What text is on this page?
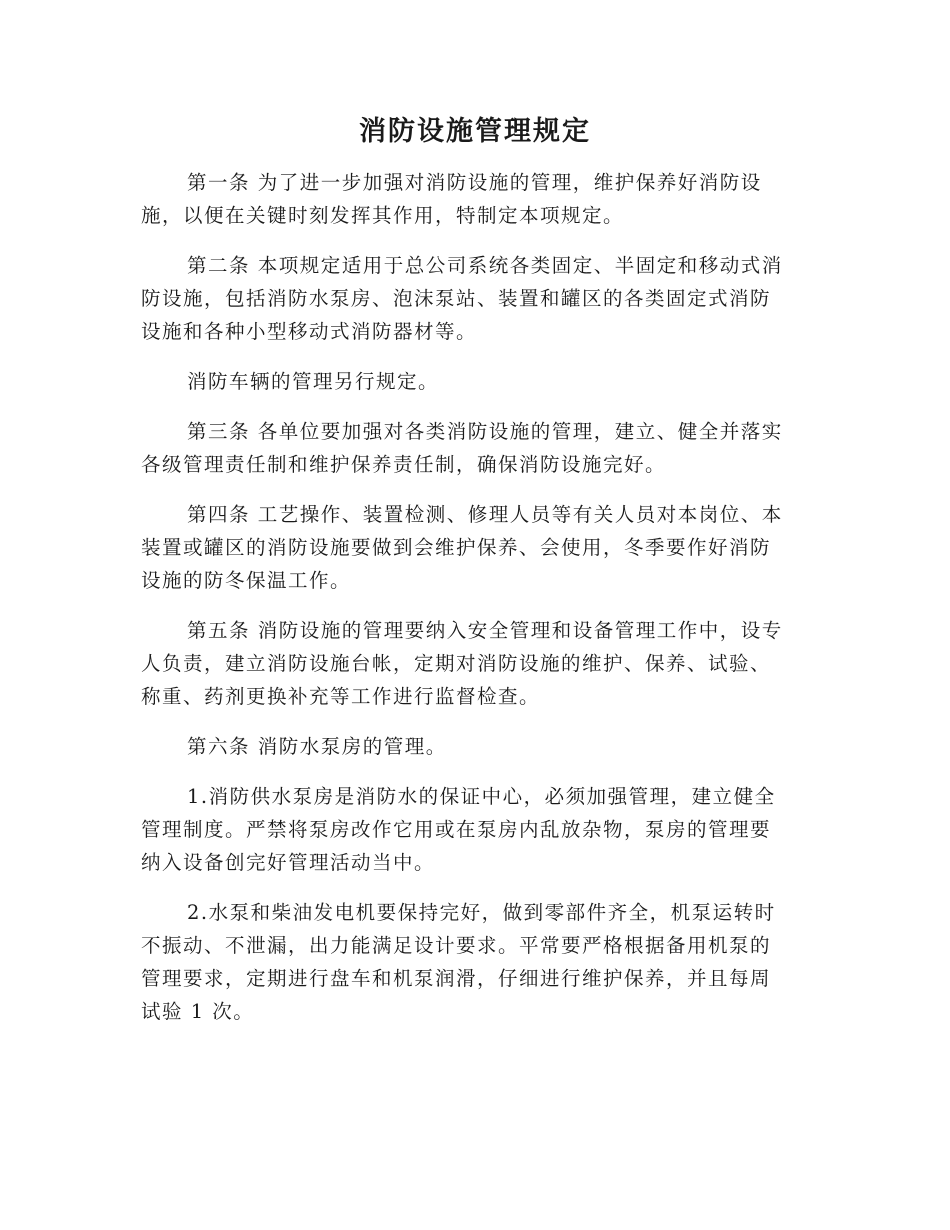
消防设施管理规定

第一条 为了进一步加强对消防设施的管理，维护保养好消防设
施，以便在关键时刻发挥其作用，特制定本项规定。

第二条 本项规定适用于总公司系统各类固定、半固定和移动式消
防设施，包括消防水泵房、泡沫泵站、装置和罐区的各类固定式消防
设施和各种小型移动式消防器材等。

消防车辆的管理另行规定。

第三条 各单位要加强对各类消防设施的管理，建立、健全并落实
各级管理责任制和维护保养责任制，确保消防设施完好。

第四条 工艺操作、装置检测、修理人员等有关人员对本岗位、本
装置或罐区的消防设施要做到会维护保养、会使用，冬季要作好消防
设施的防冬保温工作。

第五条 消防设施的管理要纳入安全管理和设备管理工作中，设专
人负责，建立消防设施台帐，定期对消防设施的维护、保养、试验、
称重、药剂更换补充等工作进行监督检查。

第六条 消防水泵房的管理。

1.消防供水泵房是消防水的保证中心，必须加强管理，建立健全
管理制度。严禁将泵房改作它用或在泵房内乱放杂物，泵房的管理要
纳入设备创完好管理活动当中。

2.水泵和柴油发电机要保持完好，做到零部件齐全，机泵运转时
不振动、不泄漏，出力能满足设计要求。平常要严格根据备用机泵的
管理要求，定期进行盘车和机泵润滑，仔细进行维护保养，并且每周
试验 1 次。
